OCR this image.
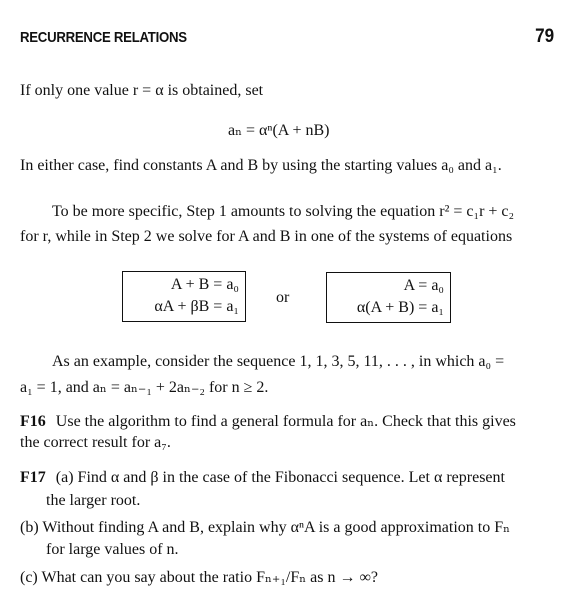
RECURRENCE RELATIONS	79
If only one value r = α is obtained, set
aₙ = αⁿ(A + nB)
In either case, find constants A and B by using the starting values a₀ and a₁.
To be more specific, Step 1 amounts to solving the equation r² = c₁r + c₂
for r, while in Step 2 we solve for A and B in one of the systems of equations
A + B = a₀
αA + βB = a₁
or
A = a₀
α(A + B) = a₁
As an example, consider the sequence 1, 1, 3, 5, 11, . . . , in which a₀ =
a₁ = 1, and aₙ = aₙ₋₁ + 2aₙ₋₂ for n ≥ 2.
F16 Use the algorithm to find a general formula for aₙ. Check that this gives
the correct result for a₇.
F17 (a) Find α and β in the case of the Fibonacci sequence. Let α represent
the larger root.
(b) Without finding A and B, explain why αⁿA is a good approximation to Fₙ
for large values of n.
(c) What can you say about the ratio Fₙ₊₁/Fₙ as n → ∞?
